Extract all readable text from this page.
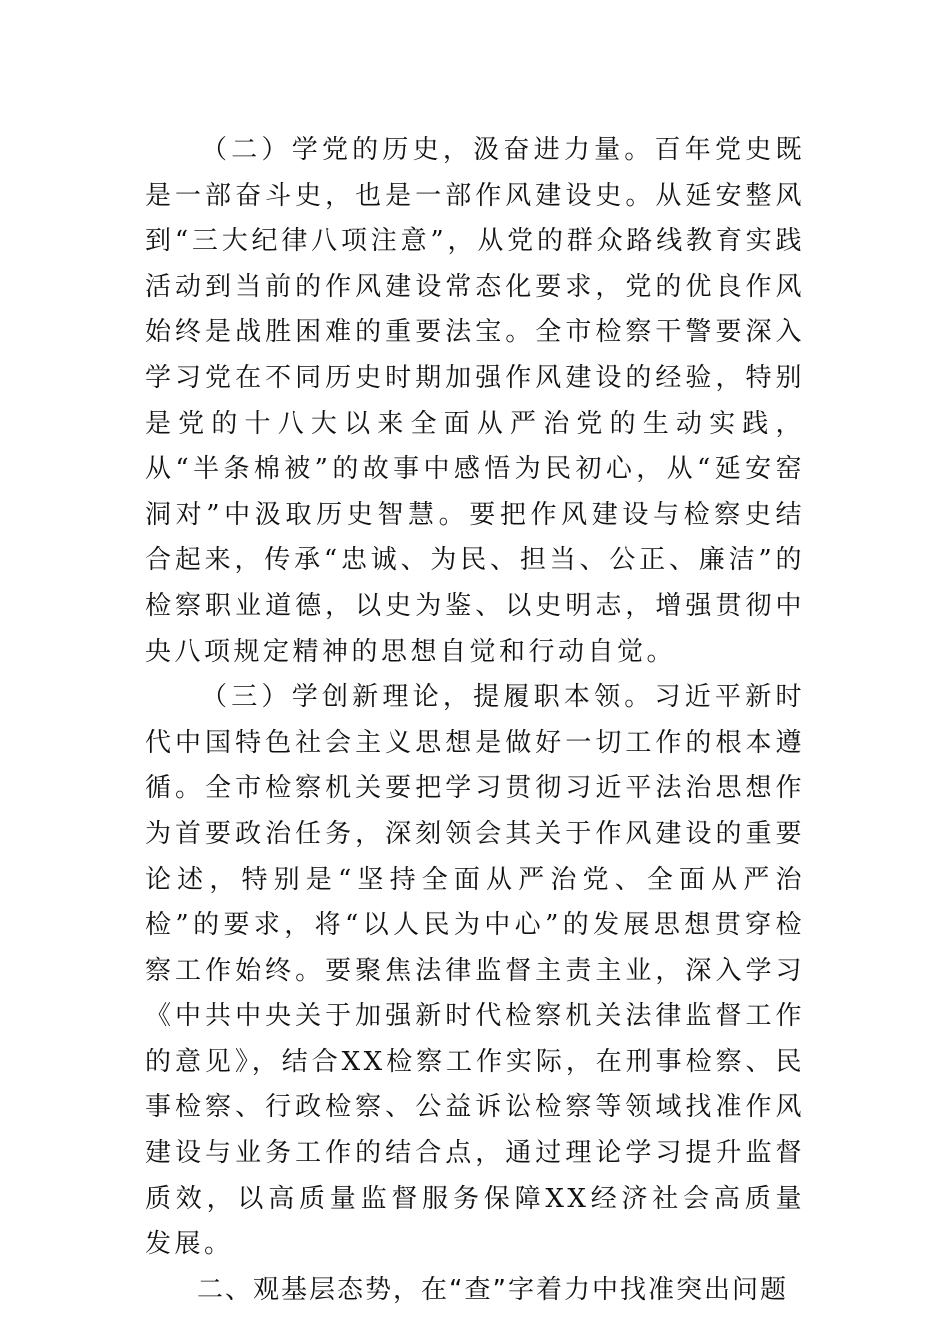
（二）学党的历史，汲奋进力量。百年党史既是一部奋斗史，也是一部作风建设史。从延安整风到“三大纪律八项注意”，从党的群众路线教育实践活动到当前的作风建设常态化要求，党的优良作风始终是战胜困难的重要法宝。全市检察干警要深入学习党在不同历史时期加强作风建设的经验，特别是党的十八大以来全面从严治党的生动实践，从“半条棉被”的故事中感悟为民初心，从“延安窑洞对”中汲取历史智慧。要把作风建设与检察史结合起来，传承“忠诚、为民、担当、公正、廉洁”的检察职业道德，以史为鉴、以史明志，增强贯彻中央八项规定精神的思想自觉和行动自觉。

（三）学创新理论，提履职本领。习近平新时代中国特色社会主义思想是做好一切工作的根本遵循。全市检察机关要把学习贯彻习近平法治思想作为首要政治任务，深刻领会其关于作风建设的重要论述，特别是“坚持全面从严治党、全面从严治检”的要求，将“以人民为中心”的发展思想贯穿检察工作始终。要聚焦法律监督主责主业，深入学习《中共中央关于加强新时代检察机关法律监督工作的意见》，结合XX检察工作实际，在刑事检察、民事检察、行政检察、公益诉讼检察等领域找准作风建设与业务工作的结合点，通过理论学习提升监督质效，以高质量监督服务保障XX经济社会高质量发展。

二、观基层态势，在“查”字着力中找准突出问题
